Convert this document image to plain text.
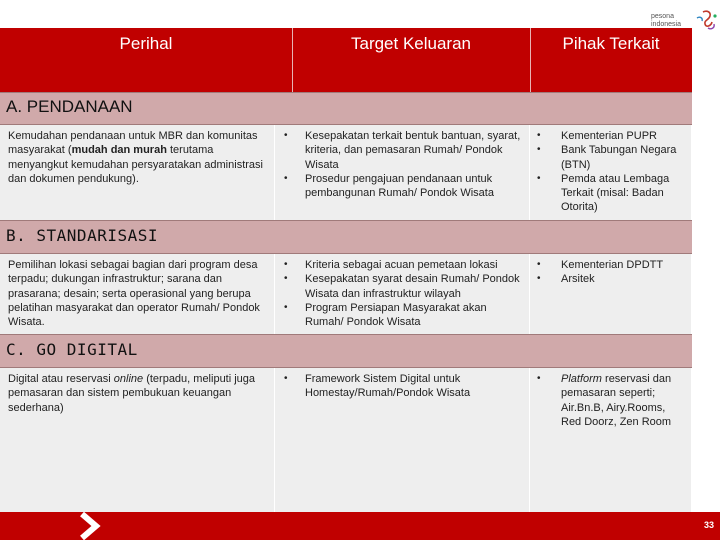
pesona
indonesia
Perihal	Target Keluaran	Pihak Terkait
A. PENDANAAN
Kemudahan pendanaan untuk MBR dan komunitas masyarakat (mudah dan murah terutama menyangkut kemudahan persyaratakan administrasi dan dokumen pendukung).
• Kesepakatan terkait bentuk bantuan, syarat, kriteria, dan pemasaran Rumah/ Pondok Wisata
• Prosedur pengajuan pendanaan untuk pembangunan Rumah/ Pondok Wisata
• Kementerian PUPR
• Bank Tabungan Negara (BTN)
• Pemda atau Lembaga Terkait (misal: Badan Otorita)
B. STANDARISASI
Pemilihan lokasi sebagai bagian dari program desa terpadu; dukungan infrastruktur; sarana dan prasarana; desain; serta operasional yang berupa pelatihan masyarakat dan operator Rumah/ Pondok Wisata.
• Kriteria sebagai acuan pemetaan lokasi
• Kesepakatan syarat desain Rumah/ Pondok Wisata dan infrastruktur wilayah
• Program Persiapan Masyarakat akan Rumah/ Pondok Wisata
• Kementerian DPDTT
• Arsitek
C. GO DIGITAL
Digital atau reservasi online (terpadu, meliputi juga pemasaran dan sistem pembukuan keuangan sederhana)
• Framework Sistem Digital untuk Homestay/Rumah/Pondok Wisata
• Platform reservasi dan pemasaran seperti; Air.Bn.B, Airy.Rooms, Red Doorz, Zen Room
33
